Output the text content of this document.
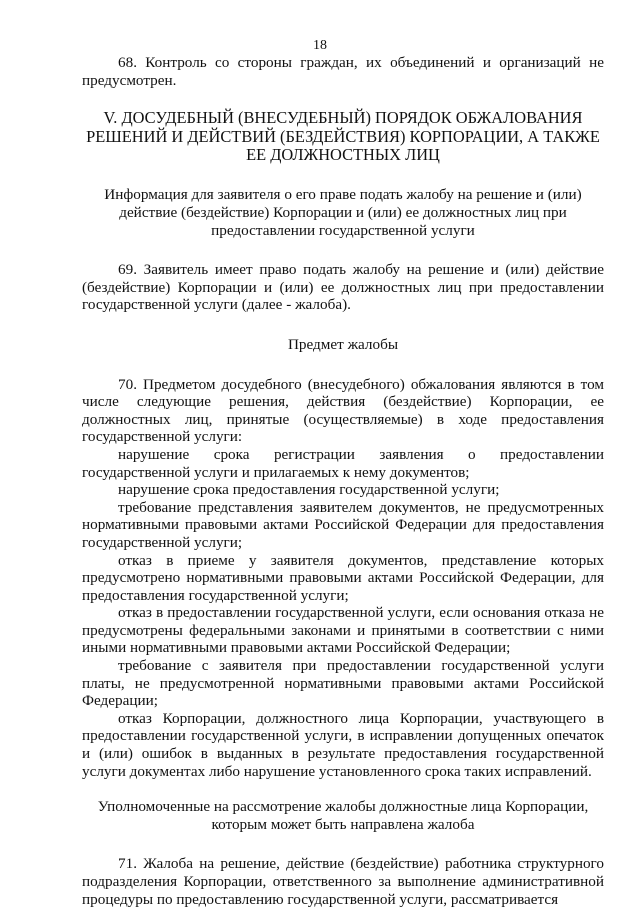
18

68. Контроль со стороны граждан, их объединений и организаций не предусмотрен.

V. ДОСУДЕБНЫЙ (ВНЕСУДЕБНЫЙ) ПОРЯДОК ОБЖАЛОВАНИЯ РЕШЕНИЙ И ДЕЙСТВИЙ (БЕЗДЕЙСТВИЯ) КОРПОРАЦИИ, А ТАКЖЕ ЕЕ ДОЛЖНОСТНЫХ ЛИЦ
Информация для заявителя о его праве подать жалобу на решение и (или) действие (бездействие) Корпорации и (или) ее должностных лиц при предоставлении государственной услуги

69. Заявитель имеет право подать жалобу на решение и (или) действие (бездействие) Корпорации и (или) ее должностных лиц при предоставлении государственной услуги (далее - жалоба).

Предмет жалобы

70. Предметом досудебного (внесудебного) обжалования являются в том числе следующие решения, действия (бездействие) Корпорации, ее должностных лиц, принятые (осуществляемые) в ходе предоставления государственной услуги:

нарушение срока регистрации заявления о предоставлении государственной услуги и прилагаемых к нему документов;

нарушение срока предоставления государственной услуги;

требование представления заявителем документов, не предусмотренных нормативными правовыми актами Российской Федерации для предоставления государственной услуги;

отказ в приеме у заявителя документов, представление которых предусмотрено нормативными правовыми актами Российской Федерации, для предоставления государственной услуги;

отказ в предоставлении государственной услуги, если основания отказа не предусмотрены федеральными законами и принятыми в соответствии с ними иными нормативными правовыми актами Российской Федерации;

требование с заявителя при предоставлении государственной услуги платы, не предусмотренной нормативными правовыми актами Российской Федерации;

отказ Корпорации, должностного лица Корпорации, участвующего в предоставлении государственной услуги, в исправлении допущенных опечаток и (или) ошибок в выданных в результате предоставления государственной услуги документах либо нарушение установленного срока таких исправлений.

Уполномоченные на рассмотрение жалобы должностные лица Корпорации, которым может быть направлена жалоба

71. Жалоба на решение, действие (бездействие) работника структурного подразделения Корпорации, ответственного за выполнение административной процедуры по предоставлению государственной услуги, рассматривается
